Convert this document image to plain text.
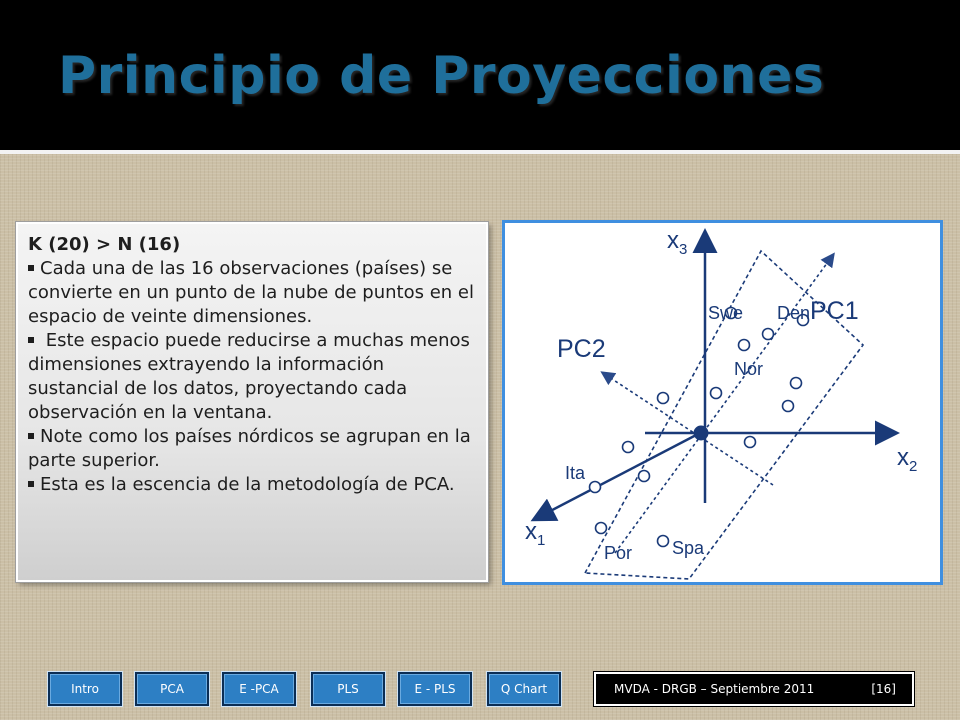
Principio de Proyecciones
K (20) > N (16)

Cada una de las 16 observaciones (países) se convierte en un punto de la nube de puntos en el espacio de veinte dimensiones.

Este espacio puede reducirse a muchas menos dimensiones extrayendo la información sustancial de los datos, proyectando cada observación en la ventana.

Note como los países nórdicos se agrupan en la parte superior.

Esta es la escencia de la metodología de PCA.

$x_3$
$x_2$
$x_1$
PC1
PC2
Swe Den
Nor
Ita
Por Spa
Intro	PCA	E -PCA	PLS	E - PLS	Q Chart	MVDA - DRGB – Septiembre 2011	[16]
